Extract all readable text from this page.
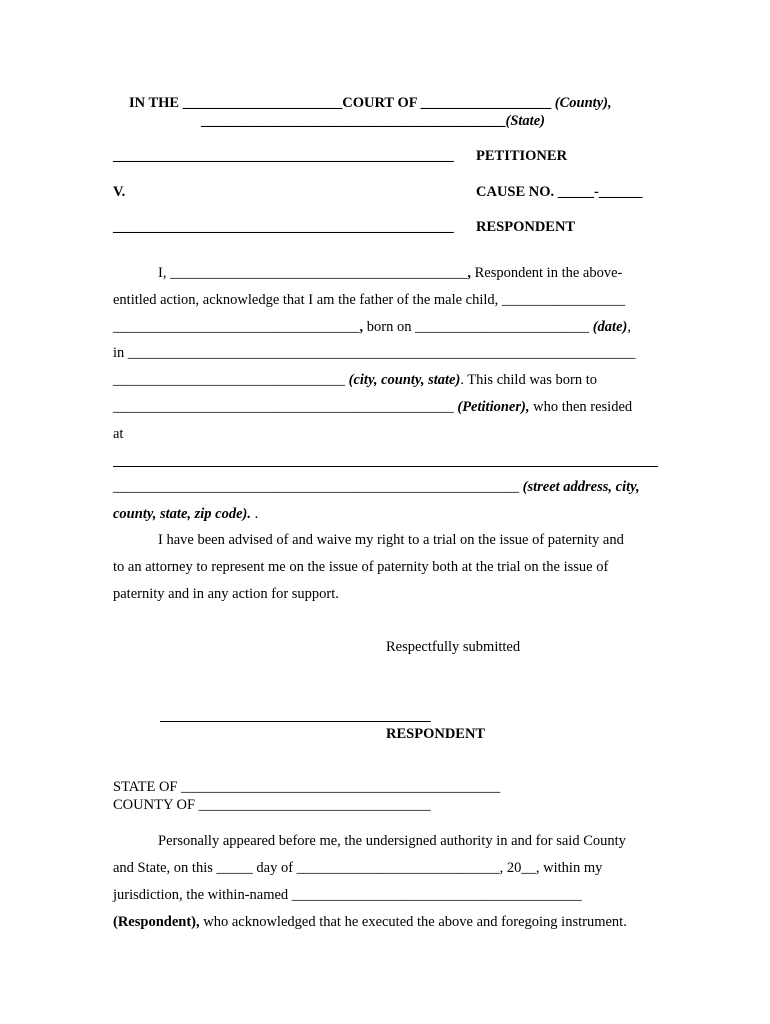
IN THE ______________________COURT OF __________________ (County),
__________________________________________(State)
_______________________________________________ PETITIONER
V.	CAUSE NO. _____-______
_______________________________________________ RESPONDENT
I, _________________________________________, Respondent in the above-
entitled action, acknowledge that I am the father of the male child, _________________
__________________________________, born on ________________________ (date),
in ______________________________________________________________________
________________________________ (city, county, state). This child was born to
_______________________________________________ (Petitioner), who then resided
at
________________________________________________________ (street address, city,
county, state, zip code). .
I have been advised of and waive my right to a trial on the issue of paternity and
to an attorney to represent me on the issue of paternity both at the trial on the issue of
paternity and in any action for support.
Respectfully submitted
RESPONDENT
STATE OF ____________________________________________
COUNTY OF ________________________________
Personally appeared before me, the undersigned authority in and for said County
and State, on this _____ day of ____________________________, 20__, within my
jurisdiction, the within-named ________________________________________
(Respondent), who acknowledged that he executed the above and foregoing instrument.
